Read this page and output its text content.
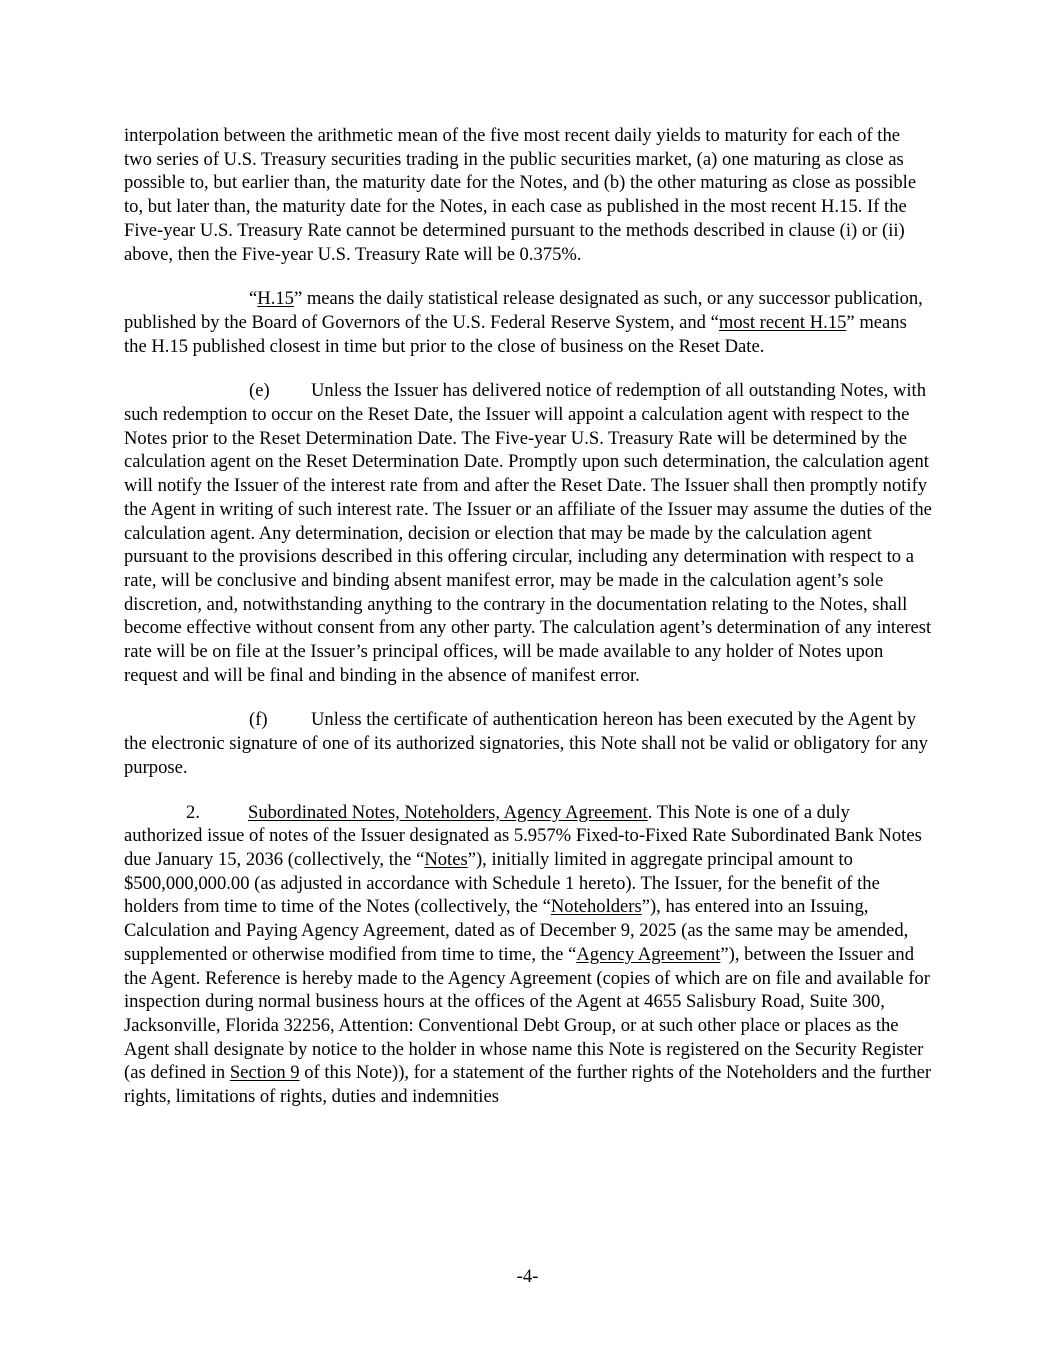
interpolation between the arithmetic mean of the five most recent daily yields to maturity for each of the two series of U.S. Treasury securities trading in the public securities market, (a) one maturing as close as possible to, but earlier than, the maturity date for the Notes, and (b) the other maturing as close as possible to, but later than, the maturity date for the Notes, in each case as published in the most recent H.15. If the Five-year U.S. Treasury Rate cannot be determined pursuant to the methods described in clause (i) or (ii) above, then the Five-year U.S. Treasury Rate will be 0.375%.

“H.15” means the daily statistical release designated as such, or any successor publication, published by the Board of Governors of the U.S. Federal Reserve System, and “most recent H.15” means the H.15 published closest in time but prior to the close of business on the Reset Date.

(e) Unless the Issuer has delivered notice of redemption of all outstanding Notes, with such redemption to occur on the Reset Date, the Issuer will appoint a calculation agent with respect to the Notes prior to the Reset Determination Date. The Five-year U.S. Treasury Rate will be determined by the calculation agent on the Reset Determination Date. Promptly upon such determination, the calculation agent will notify the Issuer of the interest rate from and after the Reset Date. The Issuer shall then promptly notify the Agent in writing of such interest rate. The Issuer or an affiliate of the Issuer may assume the duties of the calculation agent. Any determination, decision or election that may be made by the calculation agent pursuant to the provisions described in this offering circular, including any determination with respect to a rate, will be conclusive and binding absent manifest error, may be made in the calculation agent’s sole discretion, and, notwithstanding anything to the contrary in the documentation relating to the Notes, shall become effective without consent from any other party. The calculation agent’s determination of any interest rate will be on file at the Issuer’s principal offices, will be made available to any holder of Notes upon request and will be final and binding in the absence of manifest error.

(f) Unless the certificate of authentication hereon has been executed by the Agent by the electronic signature of one of its authorized signatories, this Note shall not be valid or obligatory for any purpose.

2.	Subordinated Notes, Noteholders, Agency Agreement. This Note is one of a duly authorized issue of notes of the Issuer designated as 5.957% Fixed-to-Fixed Rate Subordinated Bank Notes due January 15, 2036 (collectively, the “Notes”), initially limited in aggregate principal amount to $500,000,000.00 (as adjusted in accordance with Schedule 1 hereto). The Issuer, for the benefit of the holders from time to time of the Notes (collectively, the “Noteholders”), has entered into an Issuing, Calculation and Paying Agency Agreement, dated as of December 9, 2025 (as the same may be amended, supplemented or otherwise modified from time to time, the “Agency Agreement”), between the Issuer and the Agent. Reference is hereby made to the Agency Agreement (copies of which are on file and available for inspection during normal business hours at the offices of the Agent at 4655 Salisbury Road, Suite 300, Jacksonville, Florida 32256, Attention: Conventional Debt Group, or at such other place or places as the Agent shall designate by notice to the holder in whose name this Note is registered on the Security Register (as defined in Section 9 of this Note)), for a statement of the further rights of the Noteholders and the further rights, limitations of rights, duties and indemnities

-4-
